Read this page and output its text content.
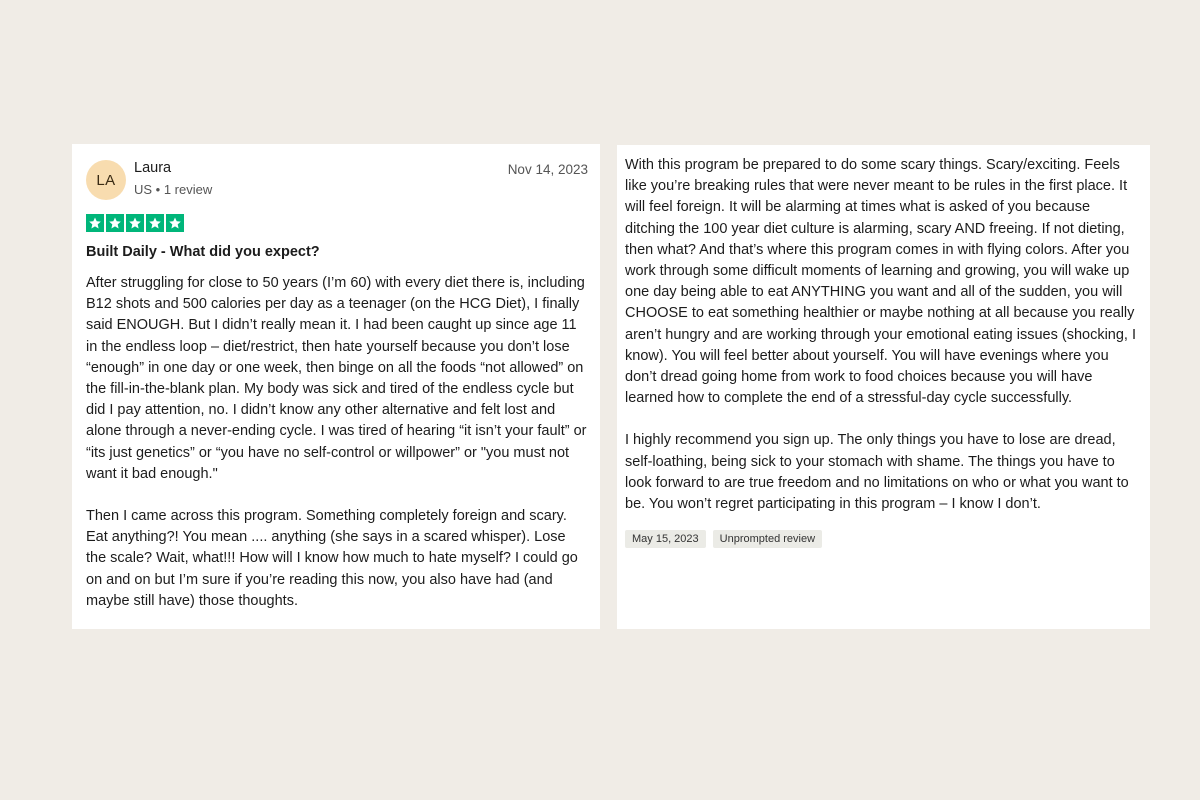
LA
Laura
US • 1 review
Nov 14, 2023
Built Daily - What did you expect?

After struggling for close to 50 years (I’m 60) with every diet there is, including B12 shots and 500 calories per day as a teenager (on the HCG Diet), I finally said ENOUGH. But I didn’t really mean it. I had been caught up since age 11 in the endless loop – diet/restrict, then hate yourself because you don’t lose “enough” in one day or one week, then binge on all the foods “not allowed” on the fill-in-the-blank plan. My body was sick and tired of the endless cycle but did I pay attention, no. I didn’t know any other alternative and felt lost and alone through a never-ending cycle. I was tired of hearing “it isn’t your fault” or “its just genetics” or “you have no self-control or willpower” or "you must not want it bad enough."

Then I came across this program. Something completely foreign and scary. Eat anything?! You mean .... anything (she says in a scared whisper). Lose the scale? Wait, what!!! How will I know how much to hate myself? I could go on and on but I’m sure if you’re reading this now, you also have had (and maybe still have) those thoughts.

With this program be prepared to do some scary things. Scary/exciting. Feels like you’re breaking rules that were never meant to be rules in the first place. It will feel foreign. It will be alarming at times what is asked of you because ditching the 100 year diet culture is alarming, scary AND freeing. If not dieting, then what? And that’s where this program comes in with flying colors. After you work through some difficult moments of learning and growing, you will wake up one day being able to eat ANYTHING you want and all of the sudden, you will CHOOSE to eat something healthier or maybe nothing at all because you really aren’t hungry and are working through your emotional eating issues (shocking, I know). You will feel better about yourself. You will have evenings where you don’t dread going home from work to food choices because you will have learned how to complete the end of a stressful-day cycle successfully.

I highly recommend you sign up. The only things you have to lose are dread, self-loathing, being sick to your stomach with shame. The things you have to look forward to are true freedom and no limitations on who or what you want to be. You won’t regret participating in this program – I know I don’t.

May 15, 2023	Unprompted review
